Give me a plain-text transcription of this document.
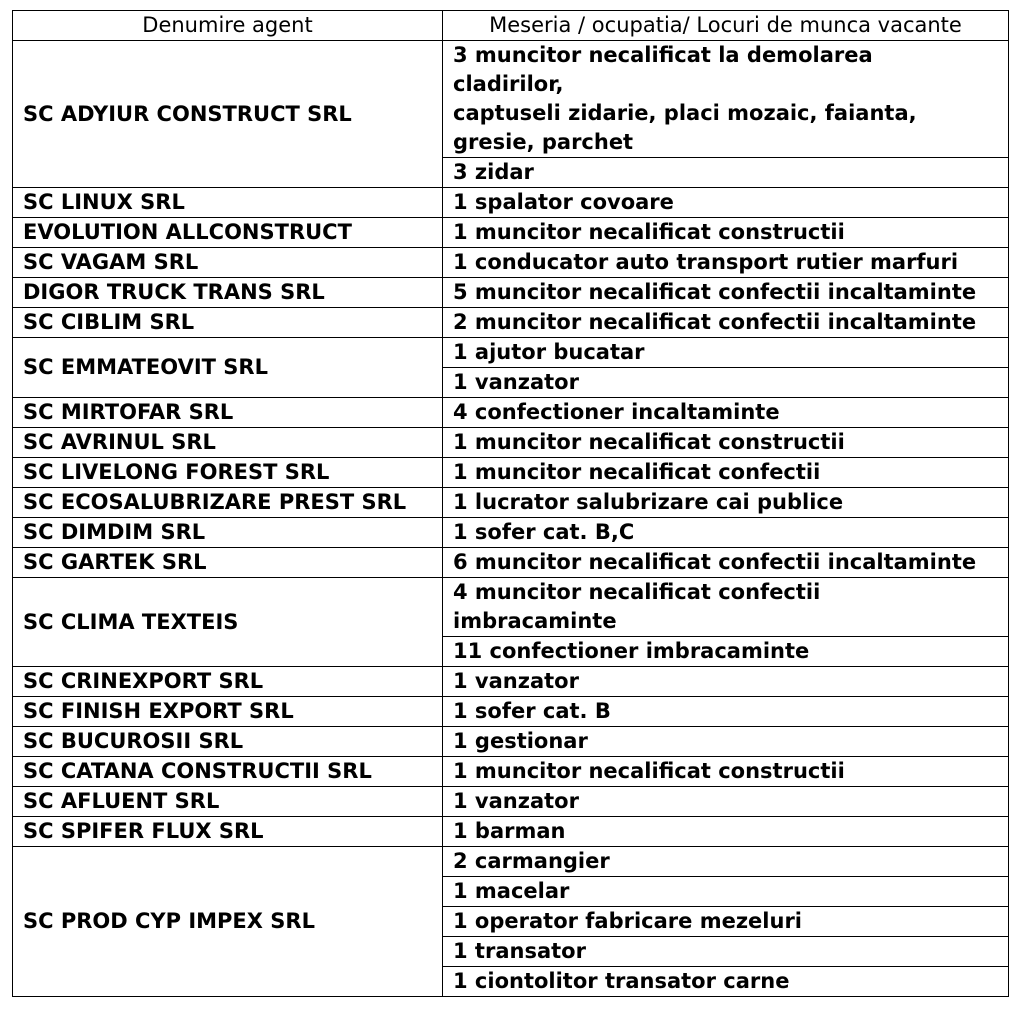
Denumire agent	Meseria / ocupatia/ Locuri de munca vacante
SC ADYIUR CONSTRUCT SRL	3 muncitor necalificat la demolarea
cladirilor,
captuseli zidarie, placi mozaic, faianta,
gresie, parchet

	3 zidar

SC LINUX SRL	1 spalator covoare

EVOLUTION ALLCONSTRUCT	1 muncitor necalificat constructii

SC VAGAM SRL	1 conducator auto transport rutier marfuri

DIGOR TRUCK TRANS SRL	5 muncitor necalificat confectii incaltaminte

SC CIBLIM SRL	2 muncitor necalificat confectii incaltaminte

SC EMMATEOVIT SRL	1 ajutor bucatar

	1 vanzator

SC MIRTOFAR SRL	4 confectioner incaltaminte

SC AVRINUL SRL	1 muncitor necalificat constructii

SC LIVELONG FOREST SRL	1 muncitor necalificat confectii

SC ECOSALUBRIZARE PREST SRL	1 lucrator salubrizare cai publice

SC DIMDIM SRL	1 sofer cat. B,C

SC GARTEK SRL	6 muncitor necalificat confectii incaltaminte

SC CLIMA TEXTEIS	4 muncitor necalificat confectii
imbracaminte

	11 confectioner imbracaminte

SC CRINEXPORT SRL	1 vanzator

SC FINISH EXPORT SRL	1 sofer cat. B

SC BUCUROSII SRL	1 gestionar

SC CATANA CONSTRUCTII SRL	1 muncitor necalificat constructii

SC AFLUENT SRL	1 vanzator

SC SPIFER FLUX SRL	1 barman

SC PROD CYP IMPEX SRL	2 carmangier

	1 macelar

	1 operator fabricare mezeluri

	1 transator

	1 ciontolitor transator carne
